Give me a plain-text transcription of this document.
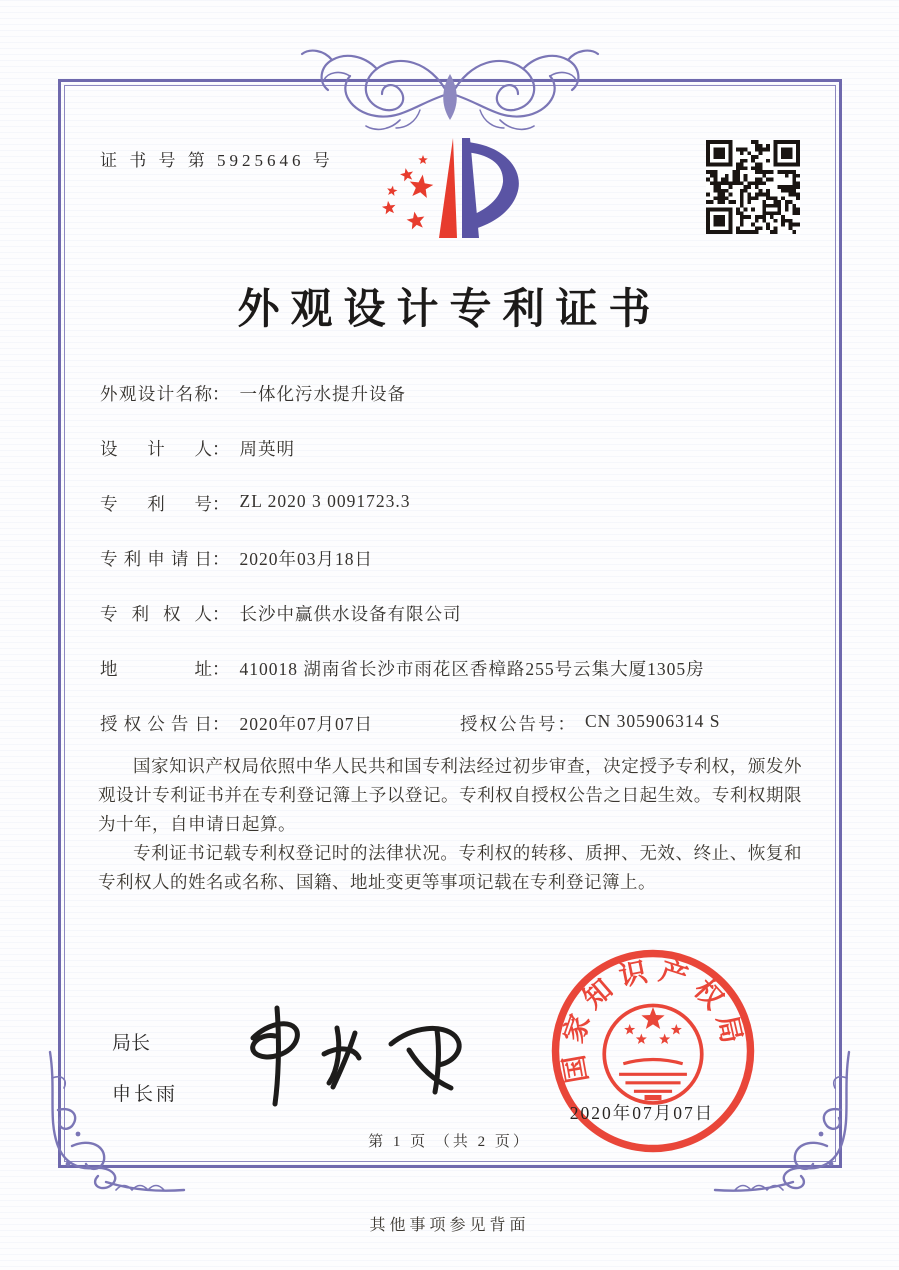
证 书 号 第 5925646 号
外观设计专利证书
外观设计名称： 一体化污水提升设备
设计人： 周英明
专利号： ZL 2020 3 0091723.3
专利申请日： 2020年03月18日
专利权人： 长沙中赢供水设备有限公司
地址： 410018 湖南省长沙市雨花区香樟路255号云集大厦1305房
授权公告日： 2020年07月07日	授权公告号： CN 305906314 S

国家知识产权局依照中华人民共和国专利法经过初步审查，决定授予专利权，颁发外观设计专利证书并在专利登记簿上予以登记。专利权自授权公告之日起生效。专利权期限为十年，自申请日起算。

专利证书记载专利权登记时的法律状况。专利权的转移、质押、无效、终止、恢复和专利权人的姓名或名称、国籍、地址变更等事项记载在专利登记簿上。

局长
申长雨
国家知识产权局
2020年07月07日
第 1 页 （共 2 页）
其他事项参见背面
